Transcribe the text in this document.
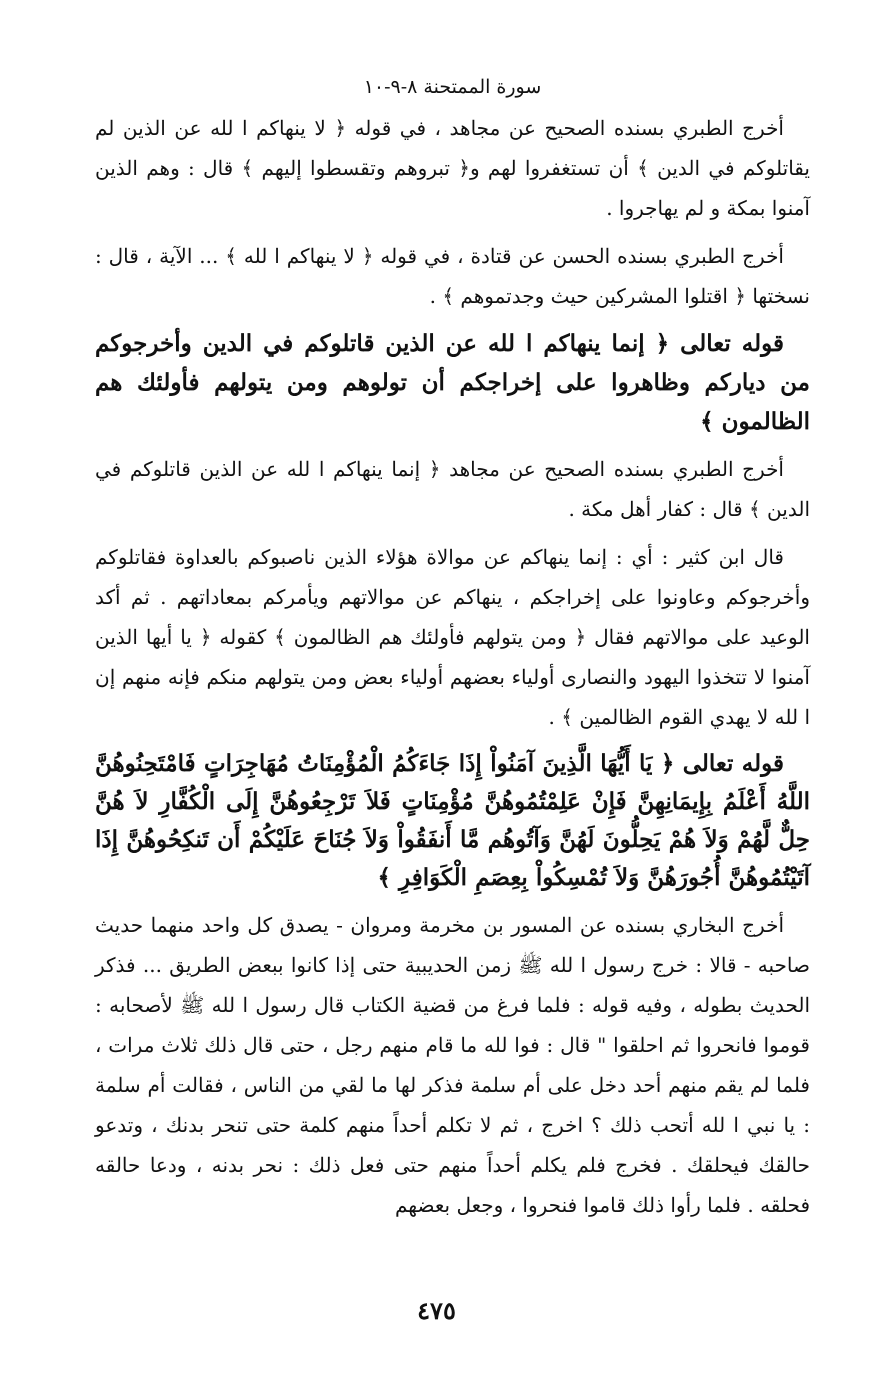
سورة الممتحنة ٨-٩-١٠

أخرج الطبري بسنده الصحيح عن مجاهد ، في قوله ﴿ لا ينهاكم ا لله عن الذين لم يقاتلوكم في الدين ﴾ أن تستغفروا لهم و﴿ تبروهم وتقسطوا إليهم ﴾ قال : وهم الذين آمنوا بمكة و لم يهاجروا .

أخرج الطبري بسنده الحسن عن قتادة ، في قوله ﴿ لا ينهاكم ا لله ﴾ ... الآية ، قال : نسختها ﴿ اقتلوا المشركين حيث وجدتموهم ﴾ .

قوله تعالى ﴿ إنما ينهاكم ا لله عن الذين قاتلوكم في الدين وأخرجوكم من دياركم وظاهروا على إخراجكم أن تولوهم ومن يتولهم فأولئك هم الظالمون ﴾

أخرج الطبري بسنده الصحيح عن مجاهد ﴿ إنما ينهاكم ا لله عن الذين قاتلوكم في الدين ﴾ قال : كفار أهل مكة .

قال ابن كثير : أي : إنما ينهاكم عن موالاة هؤلاء الذين ناصبوكم بالعداوة فقاتلوكم وأخرجوكم وعاونوا على إخراجكم ، ينهاكم عن موالاتهم ويأمركم بمعاداتهم . ثم أكد الوعيد على موالاتهم فقال ﴿ ومن يتولهم فأولئك هم الظالمون ﴾ كقوله ﴿ يا أيها الذين آمنوا لا تتخذوا اليهود والنصارى أولياء بعضهم أولياء بعض ومن يتولهم منكم فإنه منهم إن ا لله لا يهدي القوم الظالمين ﴾ .

قوله تعالى ﴿ يَا أَيُّهَا الَّذِينَ آمَنُواْ إِذَا جَاءَكُمُ الْمُؤْمِنَاتُ مُهَاجِرَاتٍ فَامْتَحِنُوهُنَّ اللَّهُ أَعْلَمُ بِإِيمَانِهِنَّ فَإِنْ عَلِمْتُمُوهُنَّ مُؤْمِنَاتٍ فَلاَ تَرْجِعُوهُنَّ إِلَى الْكُفَّارِ لاَ هُنَّ حِلٌّ لَّهُمْ وَلاَ هُمْ يَحِلُّونَ لَهُنَّ وَآتُوهُم مَّا أَنفَقُواْ وَلاَ جُنَاحَ عَلَيْكُمْ أَن تَنكِحُوهُنَّ إِذَا آتَيْتُمُوهُنَّ أُجُورَهُنَّ وَلاَ تُمْسِكُواْ بِعِصَمِ الْكَوَافِرِ ﴾

أخرج البخاري بسنده عن المسور بن مخرمة ومروان - يصدق كل واحد منهما حديث صاحبه - قالا : خرج رسول ا لله ﷺ زمن الحديبية حتى إذا كانوا ببعض الطريق ... فذكر الحديث بطوله ، وفيه قوله : فلما فرغ من قضية الكتاب قال رسول ا لله ﷺ لأصحابه : قوموا فانحروا ثم احلقوا " قال : فوا لله ما قام منهم رجل ، حتى قال ذلك ثلاث مرات ، فلما لم يقم منهم أحد دخل على أم سلمة فذكر لها ما لقي من الناس ، فقالت أم سلمة : يا نبي ا لله أتحب ذلك ؟ اخرج ، ثم لا تكلم أحداً منهم كلمة حتى تنحر بدنك ، وتدعو حالقك فيحلقك . فخرج فلم يكلم أحداً منهم حتى فعل ذلك : نحر بدنه ، ودعا حالقه فحلقه . فلما رأوا ذلك قاموا فنحروا ، وجعل بعضهم

٤٧٥
